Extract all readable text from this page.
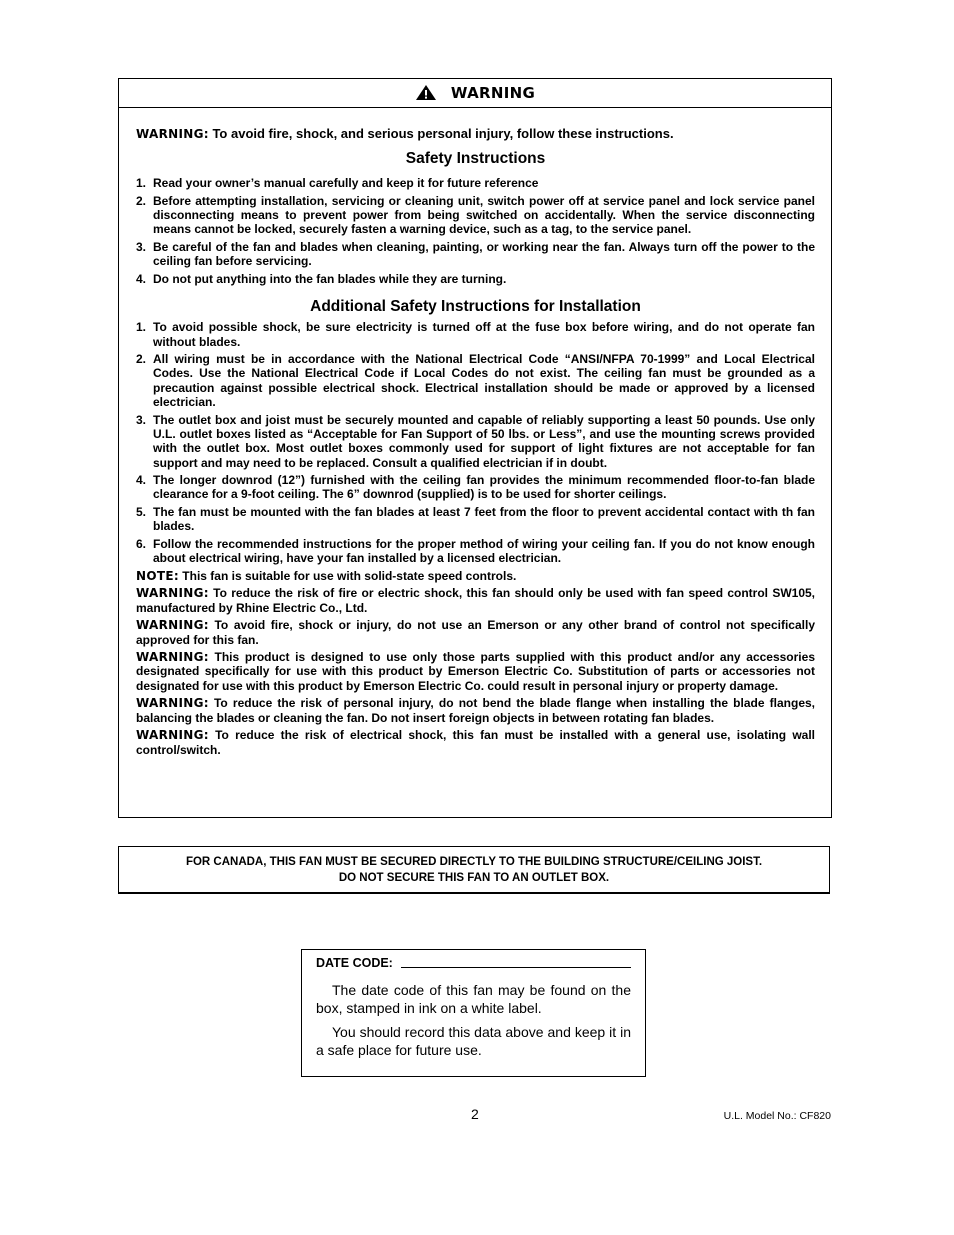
WARNING

WARNING: To avoid fire, shock, and serious personal injury, follow these instructions.

Safety Instructions
1. Read your owner’s manual carefully and keep it for future reference
2. Before attempting installation, servicing or cleaning unit, switch power off at service panel and lock service panel disconnecting means to prevent power from being switched on accidentally. When the service disconnecting means cannot be locked, securely fasten a warning device, such as a tag, to the service panel.
3. Be careful of the fan and blades when cleaning, painting, or working near the fan. Always turn off the power to the ceiling fan before servicing.
4. Do not put anything into the fan blades while they are turning.
Additional Safety Instructions for Installation
1. To avoid possible shock, be sure electricity is turned off at the fuse box before wiring, and do not operate fan without blades.
2. All wiring must be in accordance with the National Electrical Code “ANSI/NFPA 70-1999” and Local Electrical Codes. Use the National Electrical Code if Local Codes do not exist. The ceiling fan must be grounded as a precaution against possible electrical shock. Electrical installation should be made or approved by a licensed electrician.
3. The outlet box and joist must be securely mounted and capable of reliably supporting a least 50 pounds. Use only U.L. outlet boxes listed as “Acceptable for Fan Support of 50 lbs. or Less”, and use the mounting screws provided with the outlet box. Most outlet boxes commonly used for support of light fixtures are not acceptable for fan support and may need to be replaced. Consult a qualified electrician if in doubt.
4. The longer downrod (12”) furnished with the ceiling fan provides the minimum recommended floor-to-fan blade clearance for a 9-foot ceiling. The 6” downrod (supplied) is to be used for shorter ceilings.
5. The fan must be mounted with the fan blades at least 7 feet from the floor to prevent accidental contact with th fan blades.
6. Follow the recommended instructions for the proper method of wiring your ceiling fan. If you do not know enough about electrical wiring, have your fan installed by a licensed electrician.

NOTE: This fan is suitable for use with solid-state speed controls.

WARNING: To reduce the risk of fire or electric shock, this fan should only be used with fan speed control SW105, manufactured by Rhine Electric Co., Ltd.

WARNING: To avoid fire, shock or injury, do not use an Emerson or any other brand of control not specifically approved for this fan.

WARNING: This product is designed to use only those parts supplied with this product and/or any accessories designated specifically for use with this product by Emerson Electric Co. Substitution of parts or accessories not designated for use with this product by Emerson Electric Co. could result in personal injury or property damage.

WARNING: To reduce the risk of personal injury, do not bend the blade flange when installing the blade flanges, balancing the blades or cleaning the fan. Do not insert foreign objects in between rotating fan blades.

WARNING: To reduce the risk of electrical shock, this fan must be installed with a general use, isolating wall control/switch.

FOR CANADA, THIS FAN MUST BE SECURED DIRECTLY TO THE BUILDING STRUCTURE/CEILING JOIST.
DO NOT SECURE THIS FAN TO AN OUTLET BOX.
DATE CODE:

The date code of this fan may be found on the box, stamped in ink on a white label.

You should record this data above and keep it in a safe place for future use.

2	U.L. Model No.: CF820
